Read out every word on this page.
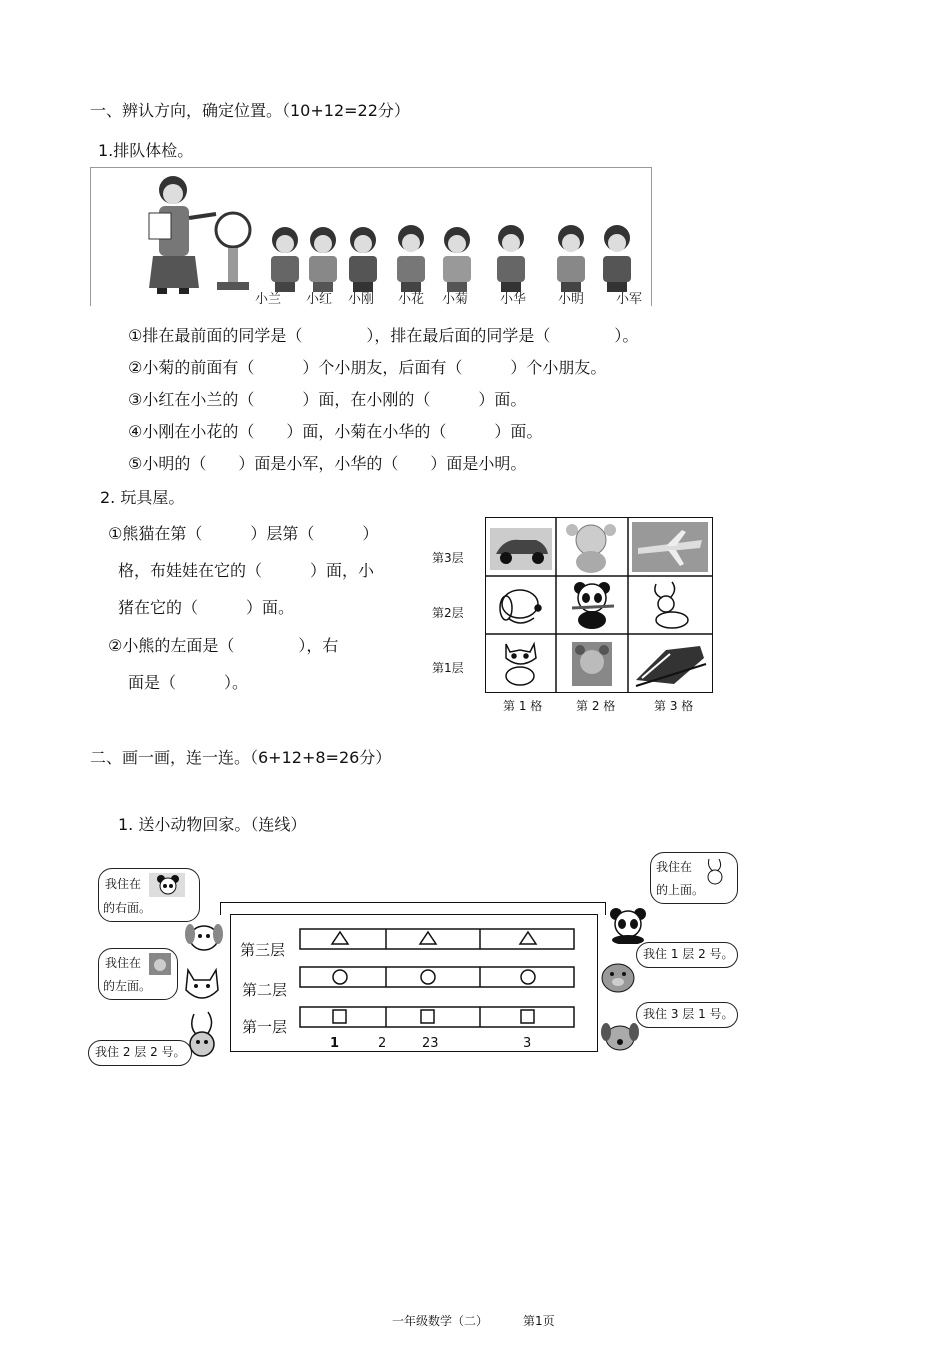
一、辨认方向，确定位置。（10+12=22分）
1.排队体检。
小兰 小红 小刚 小花 小菊 小华 小明 小军
①排在最前面的同学是（　　　　），排在最后面的同学是（　　　　）。
②小菊的前面有（　　　）个小朋友，后面有（　　　）个小朋友。
③小红在小兰的（　　　）面，在小刚的（　　　）面。
④小刚在小花的（　　）面，小菊在小华的（　　　）面。
⑤小明的（　　）面是小军，小华的（　　）面是小明。
2. 玩具屋。
①熊猫在第（　　　）层第（　　　）
格，布娃娃在它的（　　　）面，小
猪在它的（　　　）面。
②小熊的左面是（　　　　），右
面是（　　　）。
第3层
第2层
第1层
第 1 格	第 2 格	第 3 格
二、画一画，连一连。（6+12+8=26分）
1. 送小动物回家。（连线）
第三层
第二层
第一层
1	2	23	3
我住在
的右面。
我住在
的左面。
我住 2 层 2 号。
我住在
的上面。
我住 1 层 2 号。
我住 3 层 1 号。
一年级数学（二）	第1页
